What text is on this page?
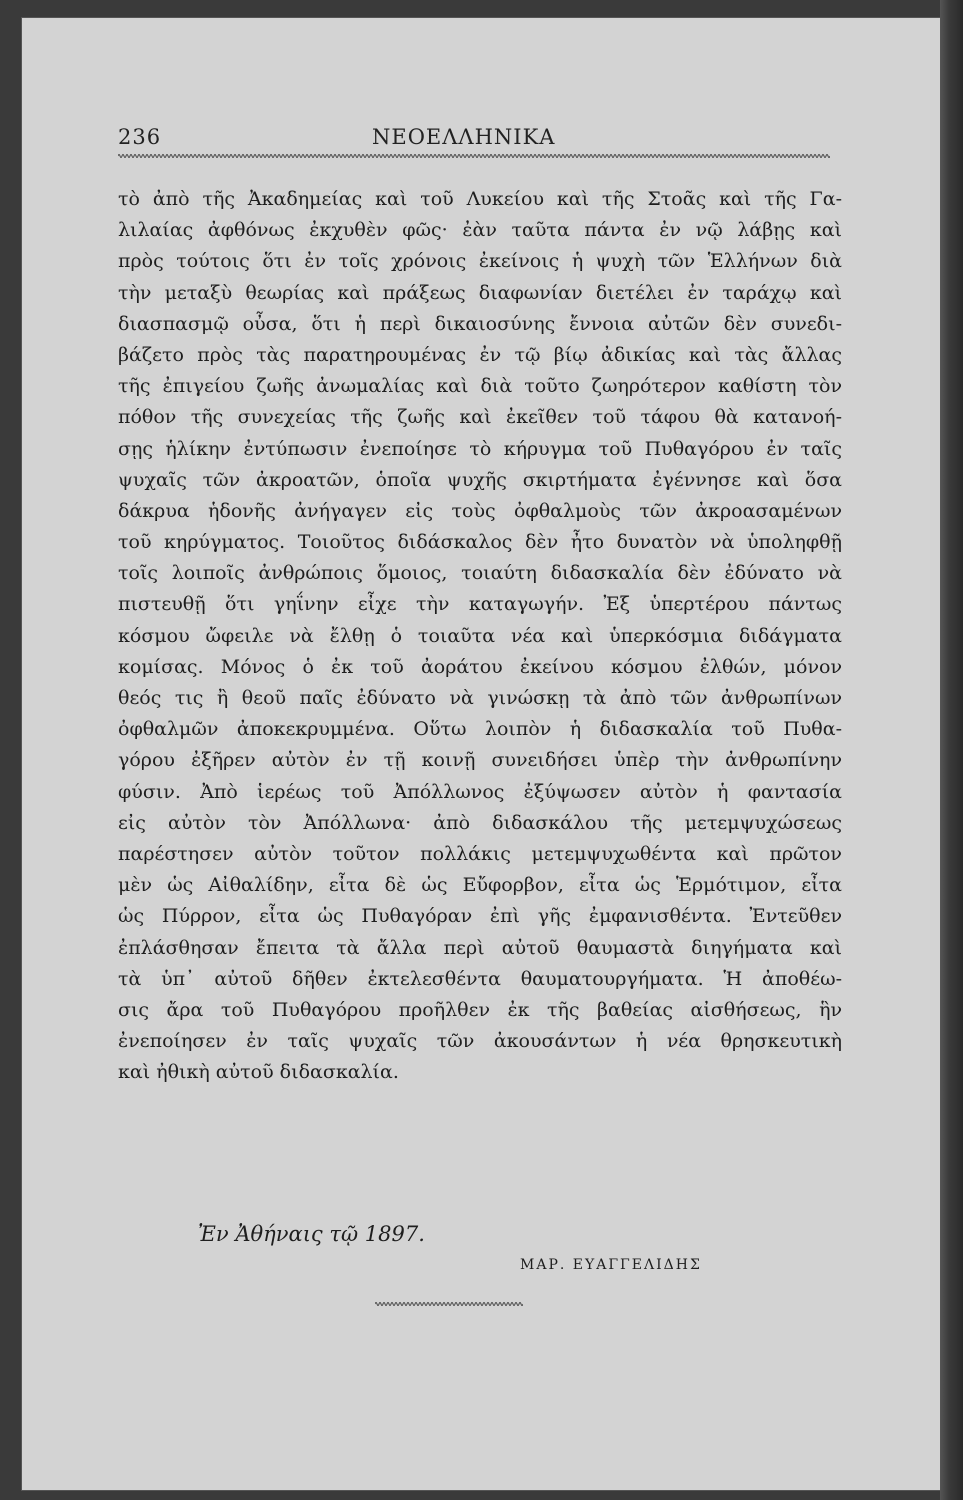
236	ΝΕΟΕΛΛΗΝΙΚΑ
τὸ ἀπὸ τῆς Ἀκαδημείας καὶ τοῦ Λυκείου καὶ τῆς Στοᾶς καὶ τῆς Γα-
λιλαίας ἀφθόνως ἐκχυθὲν φῶς· ἐὰν ταῦτα πάντα ἐν νῷ λάβῃς καὶ
πρὸς τούτοις ὅτι ἐν τοῖς χρόνοις ἐκείνοις ἡ ψυχὴ τῶν Ἑλλήνων διὰ
τὴν μεταξὺ θεωρίας καὶ πράξεως διαφωνίαν διετέλει ἐν ταράχῳ καὶ
διασπασμῷ οὖσα, ὅτι ἡ περὶ δικαιοσύνης ἔννοια αὐτῶν δὲν συνεδι-
βάζετο πρὸς τὰς παρατηρουμένας ἐν τῷ βίῳ ἀδικίας καὶ τὰς ἄλλας
τῆς ἐπιγείου ζωῆς ἀνωμαλίας καὶ διὰ τοῦτο ζωηρότερον καθίστη τὸν
πόθον τῆς συνεχείας τῆς ζωῆς καὶ ἐκεῖθεν τοῦ τάφου θὰ κατανοή-
σῃς ἡλίκην ἐντύπωσιν ἐνεποίησε τὸ κήρυγμα τοῦ Πυθαγόρου ἐν ταῖς
ψυχαῖς τῶν ἀκροατῶν, ὁποῖα ψυχῆς σκιρτήματα ἐγέννησε καὶ ὅσα
δάκρυα ἡδονῆς ἀνήγαγεν εἰς τοὺς ὀφθαλμοὺς τῶν ἀκροασαμένων
τοῦ κηρύγματος. Τοιοῦτος διδάσκαλος δὲν ἦτο δυνατὸν νὰ ὑποληφθῇ
τοῖς λοιποῖς ἀνθρώποις ὅμοιος, τοιαύτη διδασκαλία δὲν ἐδύνατο νὰ
πιστευθῇ ὅτι γηΐνην εἶχε τὴν καταγωγήν. Ἐξ ὑπερτέρου πάντως
κόσμου ὤφειλε νὰ ἔλθῃ ὁ τοιαῦτα νέα καὶ ὑπερκόσμια διδάγματα
κομίσας. Μόνος ὁ ἐκ τοῦ ἀοράτου ἐκείνου κόσμου ἐλθών, μόνον
θεός τις ἢ θεοῦ παῖς ἐδύνατο νὰ γινώσκῃ τὰ ἀπὸ τῶν ἀνθρωπίνων
ὀφθαλμῶν ἀποκεκρυμμένα. Οὕτω λοιπὸν ἡ διδασκαλία τοῦ Πυθα-
γόρου ἐξῆρεν αὐτὸν ἐν τῇ κοινῇ συνειδήσει ὑπὲρ τὴν ἀνθρωπίνην
φύσιν. Ἀπὸ ἱερέως τοῦ Ἀπόλλωνος ἐξύψωσεν αὐτὸν ἡ φαντασία
εἰς αὐτὸν τὸν Ἀπόλλωνα· ἀπὸ διδασκάλου τῆς μετεμψυχώσεως
παρέστησεν αὐτὸν τοῦτον πολλάκις μετεμψυχωθέντα καὶ πρῶτον
μὲν ὡς Αἰθαλίδην, εἶτα δὲ ὡς Εὔφορβον, εἶτα ὡς Ἑρμότιμον, εἶτα
ὡς Πύρρον, εἶτα ὡς Πυθαγόραν ἐπὶ γῆς ἐμφανισθέντα. Ἐντεῦθεν
ἐπλάσθησαν ἔπειτα τὰ ἄλλα περὶ αὐτοῦ θαυμαστὰ διηγήματα καὶ
τὰ ὑπ᾽ αὐτοῦ δῆθεν ἐκτελεσθέντα θαυματουργήματα. Ἡ ἀποθέω-
σις ἄρα τοῦ Πυθαγόρου προῆλθεν ἐκ τῆς βαθείας αἰσθήσεως, ἣν
ἐνεποίησεν ἐν ταῖς ψυχαῖς τῶν ἀκουσάντων ἡ νέα θρησκευτικὴ
καὶ ἠθικὴ αὐτοῦ διδασκαλία.
Ἐν Ἀθήναις τῷ 1897.
ΜΑΡ. ΕΥΑΓΓΕΛΙΔΗΣ
